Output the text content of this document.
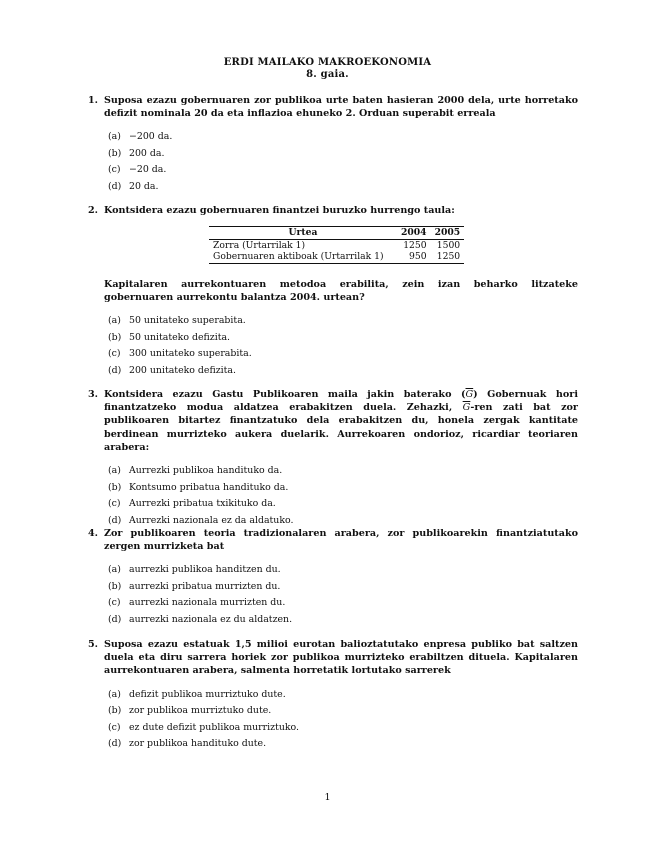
ERDI MAILAKO MAKROEKONOMIA
8. gaia.
1. Suposa ezazu gobernuaren zor publikoa urte baten hasieran 2000 dela, urte horretako defizit nominala 20 da eta inflazioa ehuneko 2. Orduan superabit erreala
(a) −200 da.
(b) 200 da.
(c) −20 da.
(d) 20 da.
2. Kontsidera ezazu gobernuaren finantzei buruzko hurrengo taula:
Urtea	2004	2005
Zorra (Urtarrilak 1)	1250	1500
Gobernuaren aktiboak (Urtarrilak 1)	950	1250
Kapitalaren aurrekontuaren metodoa erabilita, zein izan beharko litzateke gobernuaren aurrekontu balantza 2004. urtean?
(a) 50 unitateko superabita.
(b) 50 unitateko defizita.
(c) 300 unitateko superabita.
(d) 200 unitateko defizita.
3. Kontsidera ezazu Gastu Publikoaren maila jakin baterako $(\overline{G})$ Gobernuak hori finantzatzeko modua aldatzea erabakitzen duela. Zehazki, $\overline{G}$-ren zati bat zor publikoaren bitartez finantzatuko dela erabakitzen du, honela zergak kantitate berdinean murrizteko aukera duelarik. Aurrekoaren ondorioz, ricardiar teoriaren arabera:
(a) Aurrezki publikoa handituko da.
(b) Kontsumo pribatua handituko da.
(c) Aurrezki pribatua txikituko da.
(d) Aurrezki nazionala ez da aldatuko.
4. Zor publikoaren teoria tradizionalaren arabera, zor publikoarekin finantziatutako zergen murrizketa bat
(a) aurrezki publikoa handitzen du.
(b) aurrezki pribatua murrizten du.
(c) aurrezki nazionala murrizten du.
(d) aurrezki nazionala ez du aldatzen.
5. Suposa ezazu estatuak 1,5 milioi eurotan balioztatutako enpresa publiko bat saltzen duela eta diru sarrera horiek zor publikoa murrizteko erabiltzen dituela. Kapitalaren aurrekontuaren arabera, salmenta horretatik lortutako sarrerek
(a) defizit publikoa murriztuko dute.
(b) zor publikoa murriztuko dute.
(c) ez dute defizit publikoa murriztuko.
(d) zor publikoa handituko dute.
1
